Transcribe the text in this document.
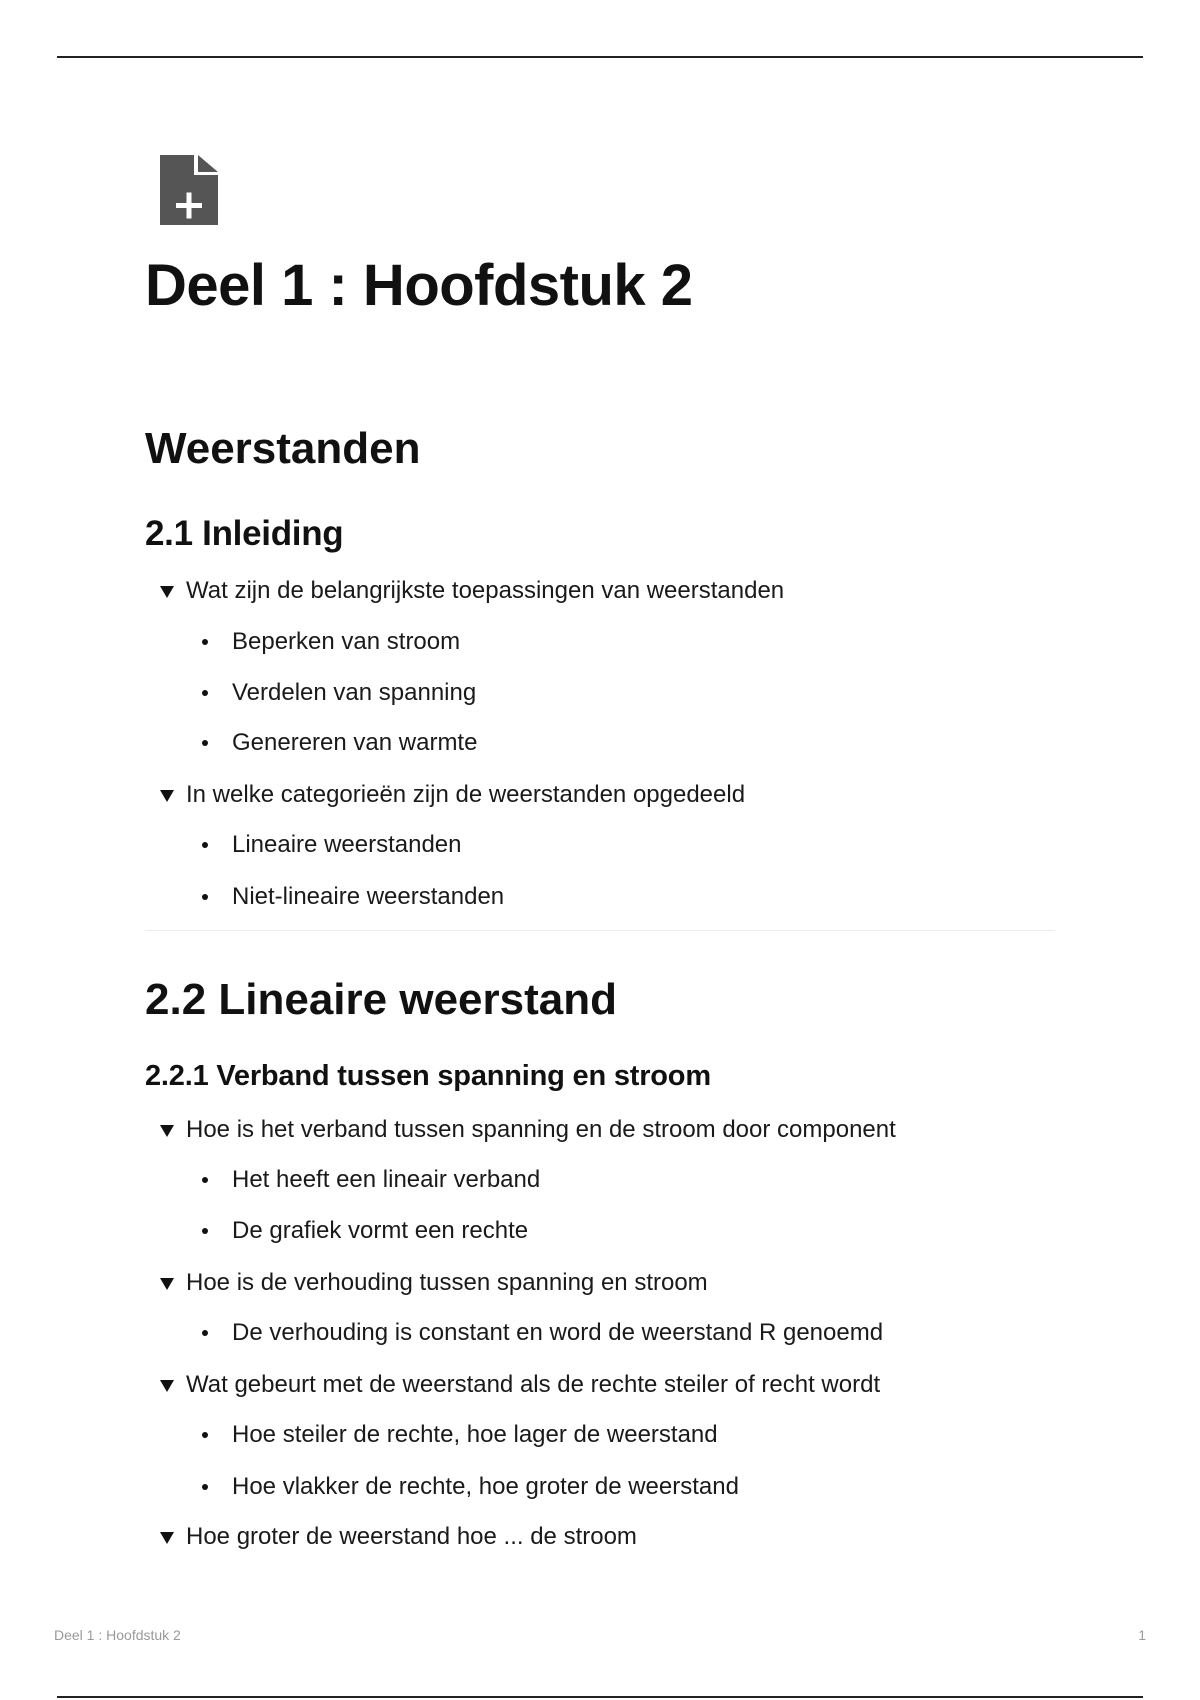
Deel 1 : Hoofdstuk 2
Weerstanden
2.1 Inleiding
Wat zijn de belangrijkste toepassingen van weerstanden
Beperken van stroom
Verdelen van spanning
Genereren van warmte
In welke categorieën zijn de weerstanden opgedeeld
Lineaire weerstanden
Niet-lineaire weerstanden
2.2 Lineaire weerstand
2.2.1 Verband tussen spanning en stroom
Hoe is het verband tussen spanning en de stroom door component
Het heeft een lineair verband
De grafiek vormt een rechte
Hoe is de verhouding tussen spanning en stroom
De verhouding is constant en word de weerstand R genoemd
Wat gebeurt met de weerstand als de rechte steiler of recht wordt
Hoe steiler de rechte, hoe lager de weerstand
Hoe vlakker de rechte, hoe groter de weerstand
Hoe groter de weerstand hoe ... de stroom
Deel 1 : Hoofdstuk 2	1
